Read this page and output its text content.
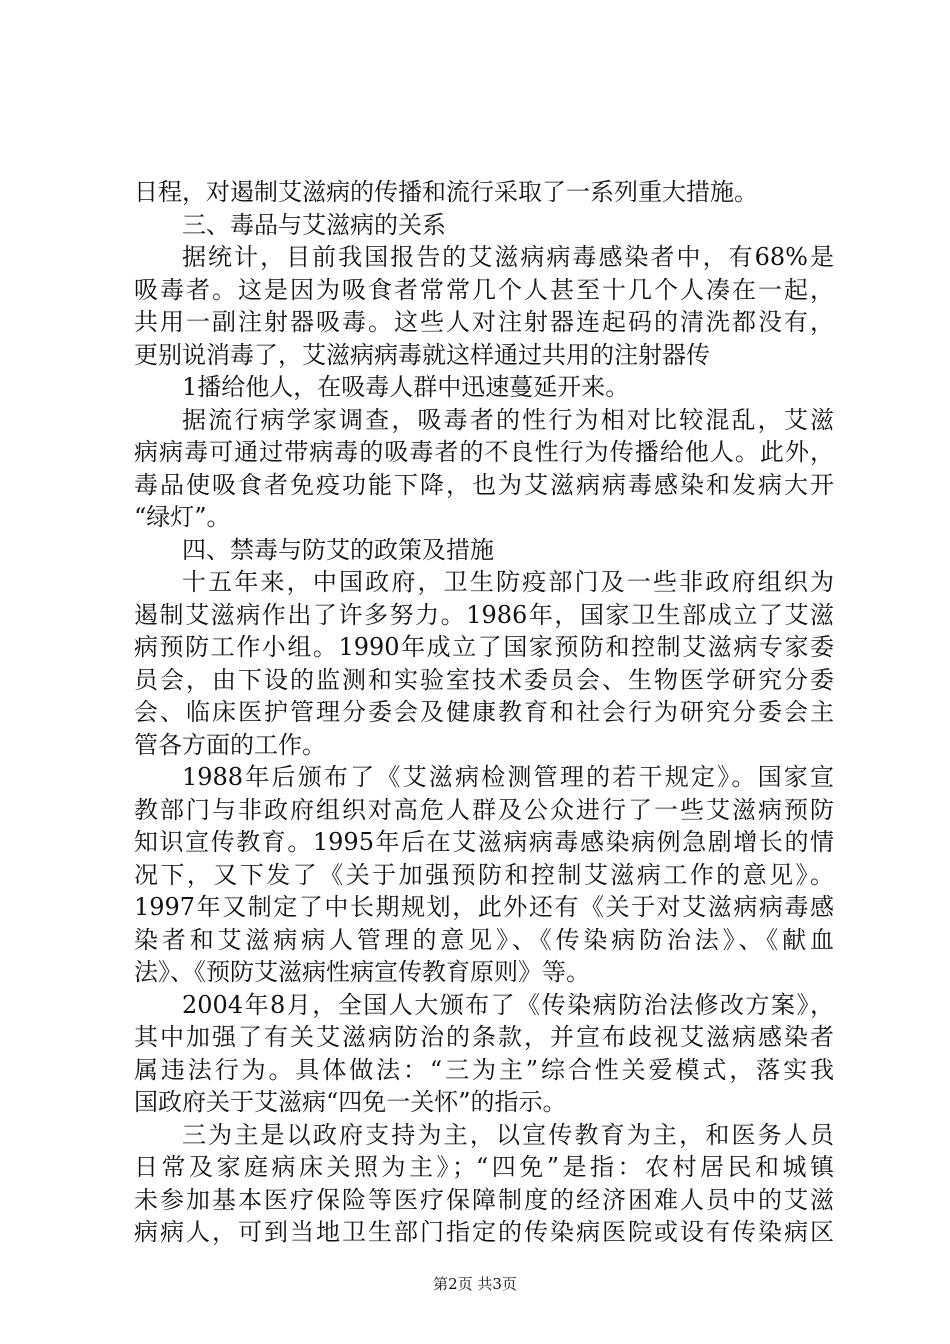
日程，对遏制艾滋病的传播和流行采取了一系列重大措施。
三、毒品与艾滋病的关系
据统计，目前我国报告的艾滋病病毒感染者中，有68%是
吸毒者。这是因为吸食者常常几个人甚至十几个人凑在一起，
共用一副注射器吸毒。这些人对注射器连起码的清洗都没有，
更别说消毒了，艾滋病病毒就这样通过共用的注射器传
1播给他人，在吸毒人群中迅速蔓延开来。
据流行病学家调查，吸毒者的性行为相对比较混乱，艾滋
病病毒可通过带病毒的吸毒者的不良性行为传播给他人。此外，
毒品使吸食者免疫功能下降，也为艾滋病病毒感染和发病大开
“绿灯”。
四、禁毒与防艾的政策及措施
十五年来，中国政府，卫生防疫部门及一些非政府组织为
遏制艾滋病作出了许多努力。1986年，国家卫生部成立了艾滋
病预防工作小组。1990年成立了国家预防和控制艾滋病专家委
员会，由下设的监测和实验室技术委员会、生物医学研究分委
会、临床医护管理分委会及健康教育和社会行为研究分委会主
管各方面的工作。
1988年后颁布了《艾滋病检测管理的若干规定》。国家宣
教部门与非政府组织对高危人群及公众进行了一些艾滋病预防
知识宣传教育。1995年后在艾滋病病毒感染病例急剧增长的情
况下，又下发了《关于加强预防和控制艾滋病工作的意见》。
1997年又制定了中长期规划，此外还有《关于对艾滋病病毒感
染者和艾滋病病人管理的意见》、《传染病防治法》、《献血
法》、《预防艾滋病性病宣传教育原则》等。
2004年8月，全国人大颁布了《传染病防治法修改方案》，
其中加强了有关艾滋病防治的条款，并宣布歧视艾滋病感染者
属违法行为。具体做法：“三为主”综合性关爱模式，落实我
国政府关于艾滋病“四免一关怀”的指示。
三为主是以政府支持为主，以宣传教育为主，和医务人员
日常及家庭病床关照为主》；“四免”是指：农村居民和城镇
未参加基本医疗保险等医疗保障制度的经济困难人员中的艾滋
病病人，可到当地卫生部门指定的传染病医院或设有传染病区
第2页 共3页
